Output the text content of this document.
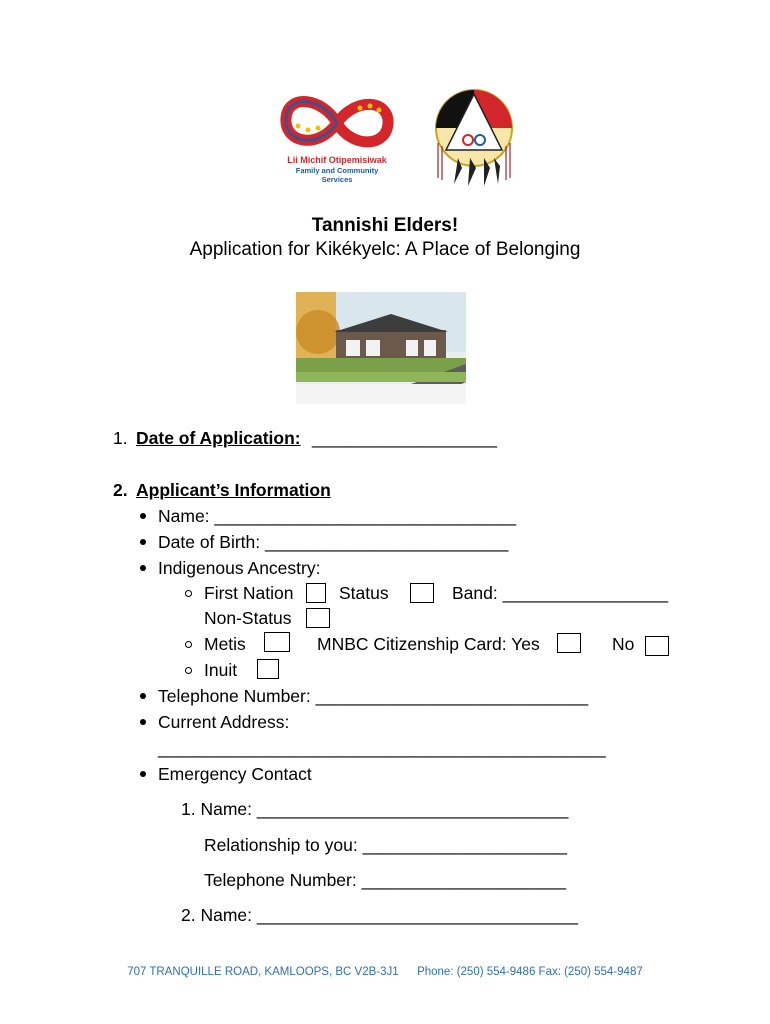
Lii Michif Otipemisiwak
Family and Community
Services
Tannishi Elders!
Application for Kikékyelc: A Place of Belonging
1. Date of Application: ___________________
2. Applicant’s Information
Name: _______________________________
Date of Birth: _________________________
Indigenous Ancestry:
First Nation	Status	Band: _________________
Non-Status
Metis	MNBC Citizenship Card: Yes	No
Inuit
Telephone Number: ____________________________
Current Address:
______________________________________________
Emergency Contact
1. Name: ________________________________
Relationship to you: _____________________
Telephone Number: _____________________
2. Name: _________________________________
707 TRANQUILLE ROAD, KAMLOOPS, BC V2B-3J1 Phone: (250) 554-9486 Fax: (250) 554-9487
